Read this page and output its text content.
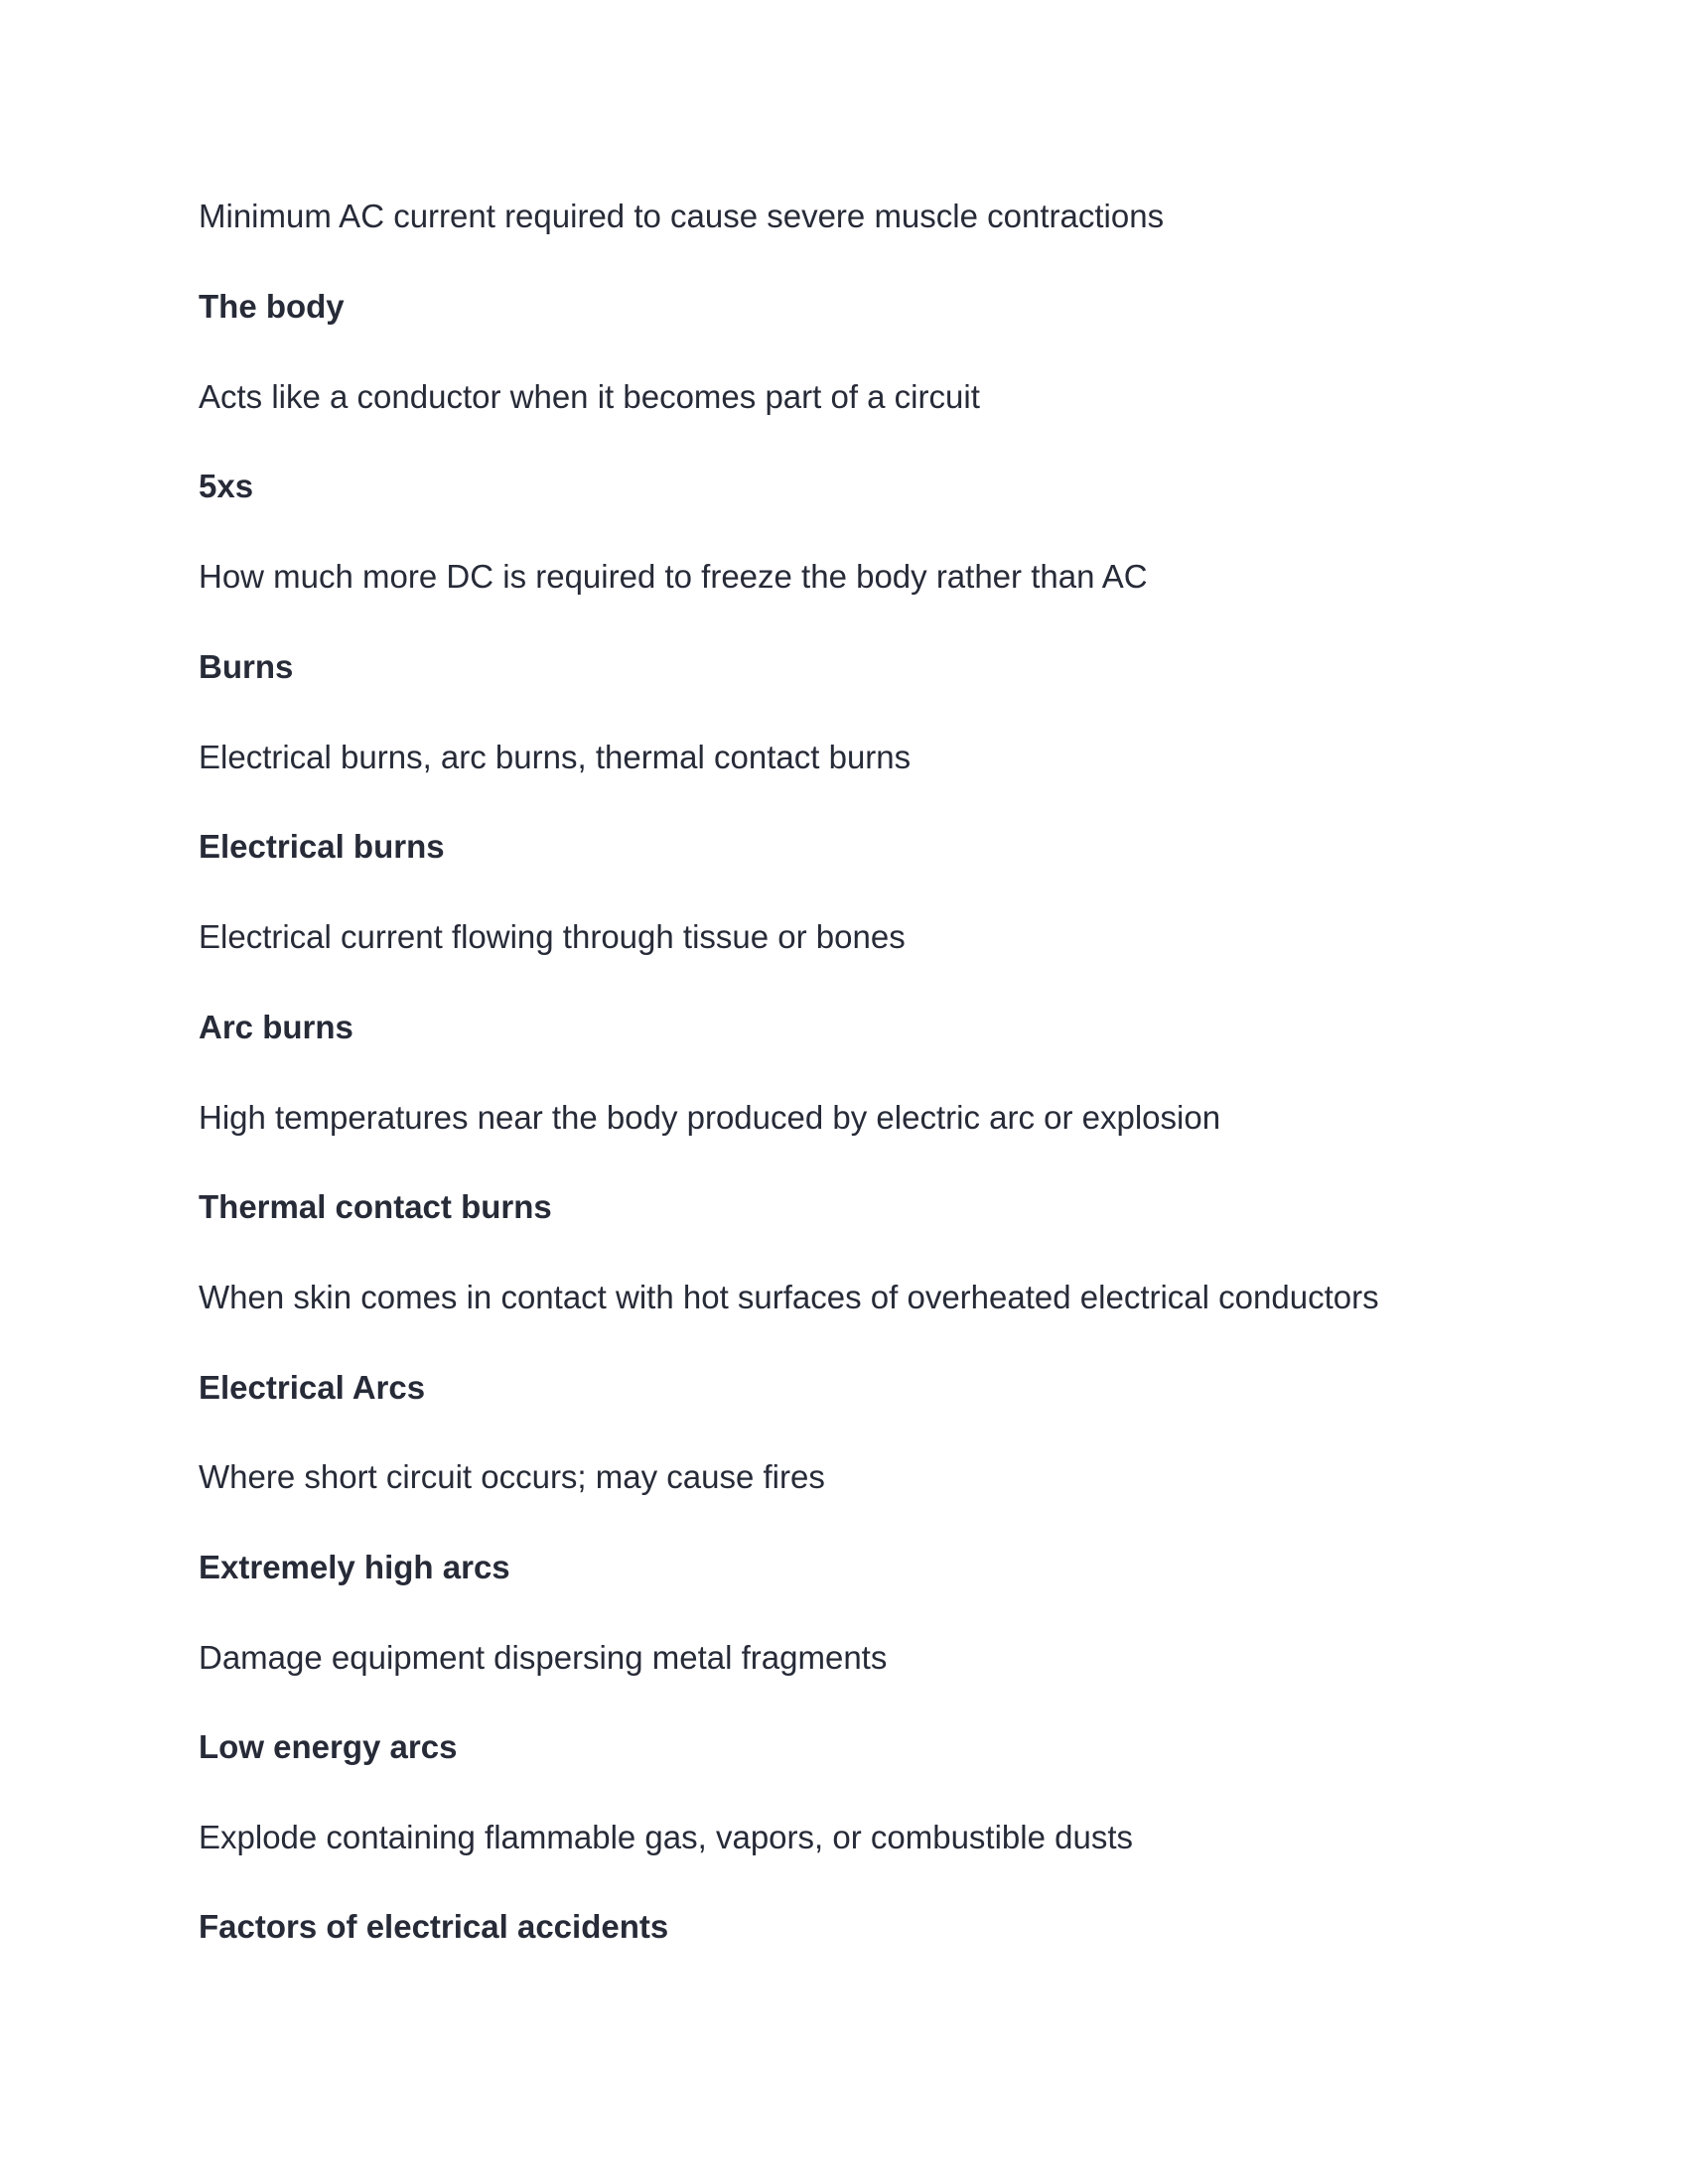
Minimum AC current required to cause severe muscle contractions

The body

Acts like a conductor when it becomes part of a circuit

5xs

How much more DC is required to freeze the body rather than AC

Burns

Electrical burns, arc burns, thermal contact burns

Electrical burns

Electrical current flowing through tissue or bones

Arc burns

High temperatures near the body produced by electric arc or explosion

Thermal contact burns

When skin comes in contact with hot surfaces of overheated electrical conductors

Electrical Arcs

Where short circuit occurs; may cause fires

Extremely high arcs

Damage equipment dispersing metal fragments

Low energy arcs

Explode containing flammable gas, vapors, or combustible dusts

Factors of electrical accidents
